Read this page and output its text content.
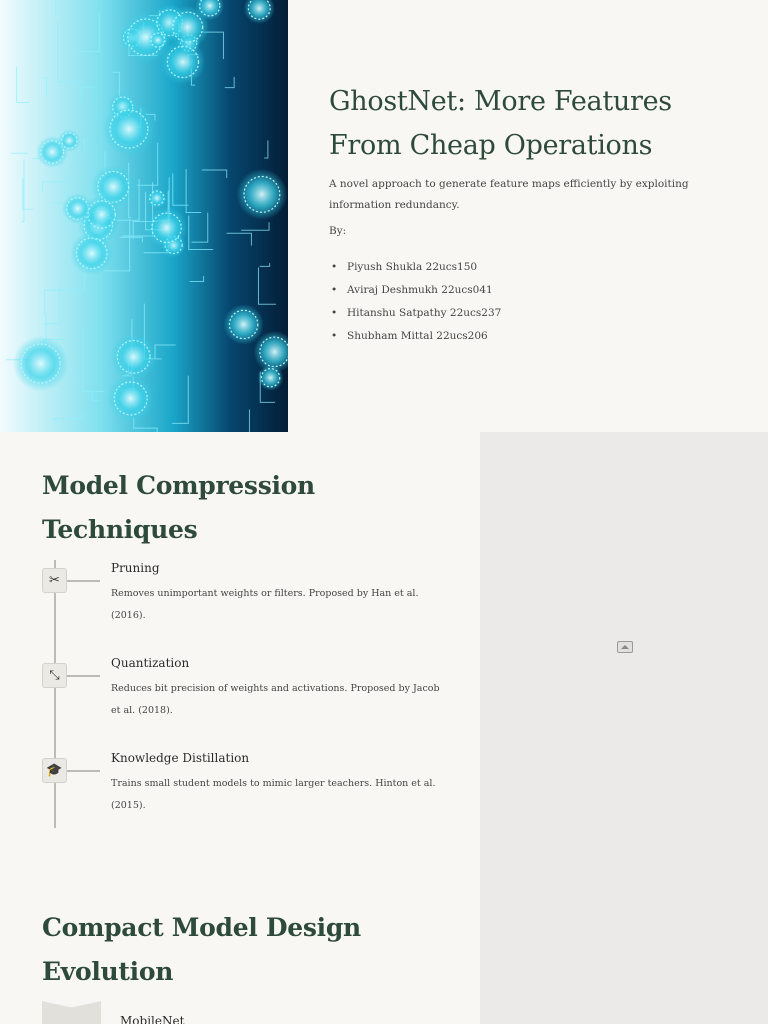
GhostNet: More Features From Cheap Operations

A novel approach to generate feature maps efficiently by exploiting information redundancy.

By:

• Piyush Shukla 22ucs150
• Aviraj Deshmukh 22ucs041
• Hitanshu Satpathy 22ucs237
• Shubham Mittal 22ucs206
Model Compression Techniques
✂
Pruning
Removes unimportant weights or filters. Proposed by Han et al. (2016).
⤡
Quantization
Reduces bit precision of weights and activations. Proposed by Jacob et al. (2018).
🎓
Knowledge Distillation
Trains small student models to mimic larger teachers. Hinton et al. (2015).
Compact Model Design Evolution
MobileNet
